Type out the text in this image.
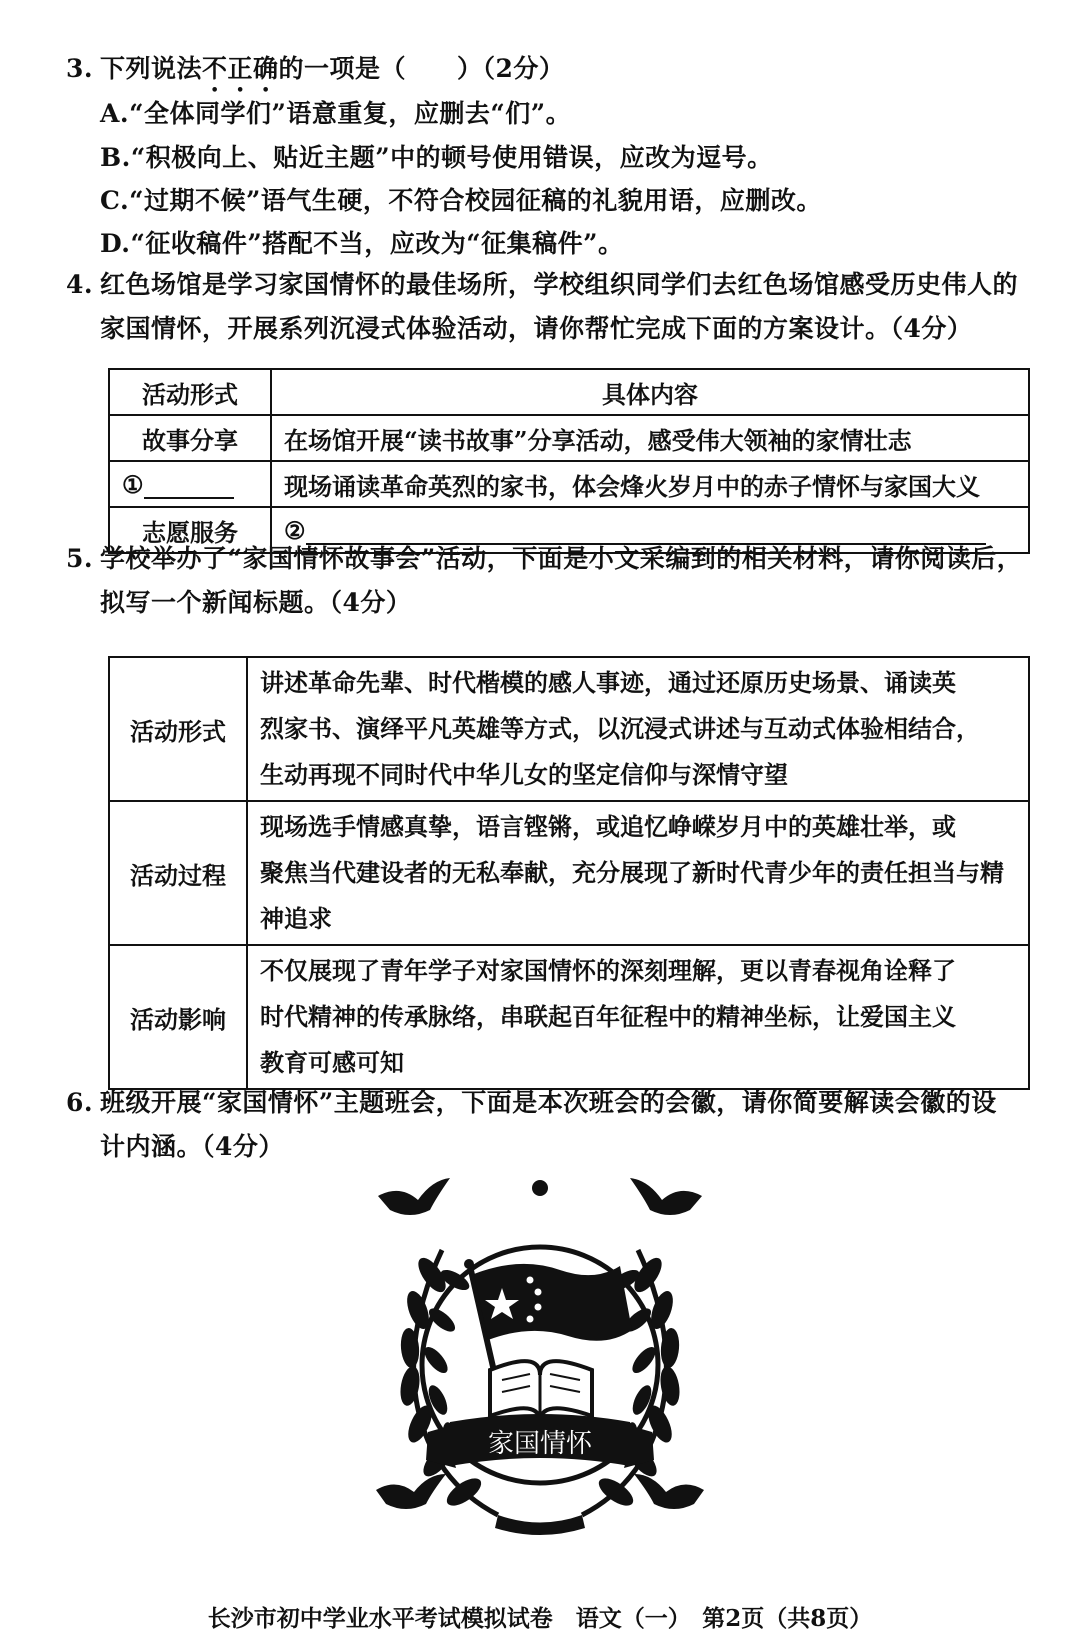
3. 下列说法不正确的一项是（　　）（2分）
A.“全体同学们”语意重复，应删去“们”。
B.“积极向上、贴近主题”中的顿号使用错误，应改为逗号。
C.“过期不候”语气生硬，不符合校园征稿的礼貌用语，应删改。
D.“征收稿件”搭配不当，应改为“征集稿件”。
4. 红色场馆是学习家国情怀的最佳场所，学校组织同学们去红色场馆感受历史伟人的
家国情怀，开展系列沉浸式体验活动，请你帮忙完成下面的方案设计。（4分）
活动形式	具体内容
故事分享	在场馆开展“读书故事”分享活动，感受伟大领袖的家情壮志
①	现场诵读革命英烈的家书，体会烽火岁月中的赤子情怀与家国大义
志愿服务	②
5. 学校举办了“家国情怀故事会”活动，下面是小文采编到的相关材料，请你阅读后，
拟写一个新闻标题。（4分）
活动形式	讲述革命先辈、时代楷模的感人事迹，通过还原历史场景、诵读英
烈家书、演绎平凡英雄等方式，以沉浸式讲述与互动式体验相结合，
生动再现不同时代中华儿女的坚定信仰与深情守望

活动过程	现场选手情感真挚，语言铿锵，或追忆峥嵘岁月中的英雄壮举，或
聚焦当代建设者的无私奉献，充分展现了新时代青少年的责任担当与精
神追求

活动影响	不仅展现了青年学子对家国情怀的深刻理解，更以青春视角诠释了
时代精神的传承脉络，串联起百年征程中的精神坐标，让爱国主义
教育可感可知
6. 班级开展“家国情怀”主题班会，下面是本次班会的会徽，请你简要解读会徽的设
计内涵。（4分）
家国情怀
长沙市初中学业水平考试模拟试卷　语文（一）　第2页（共8页）
